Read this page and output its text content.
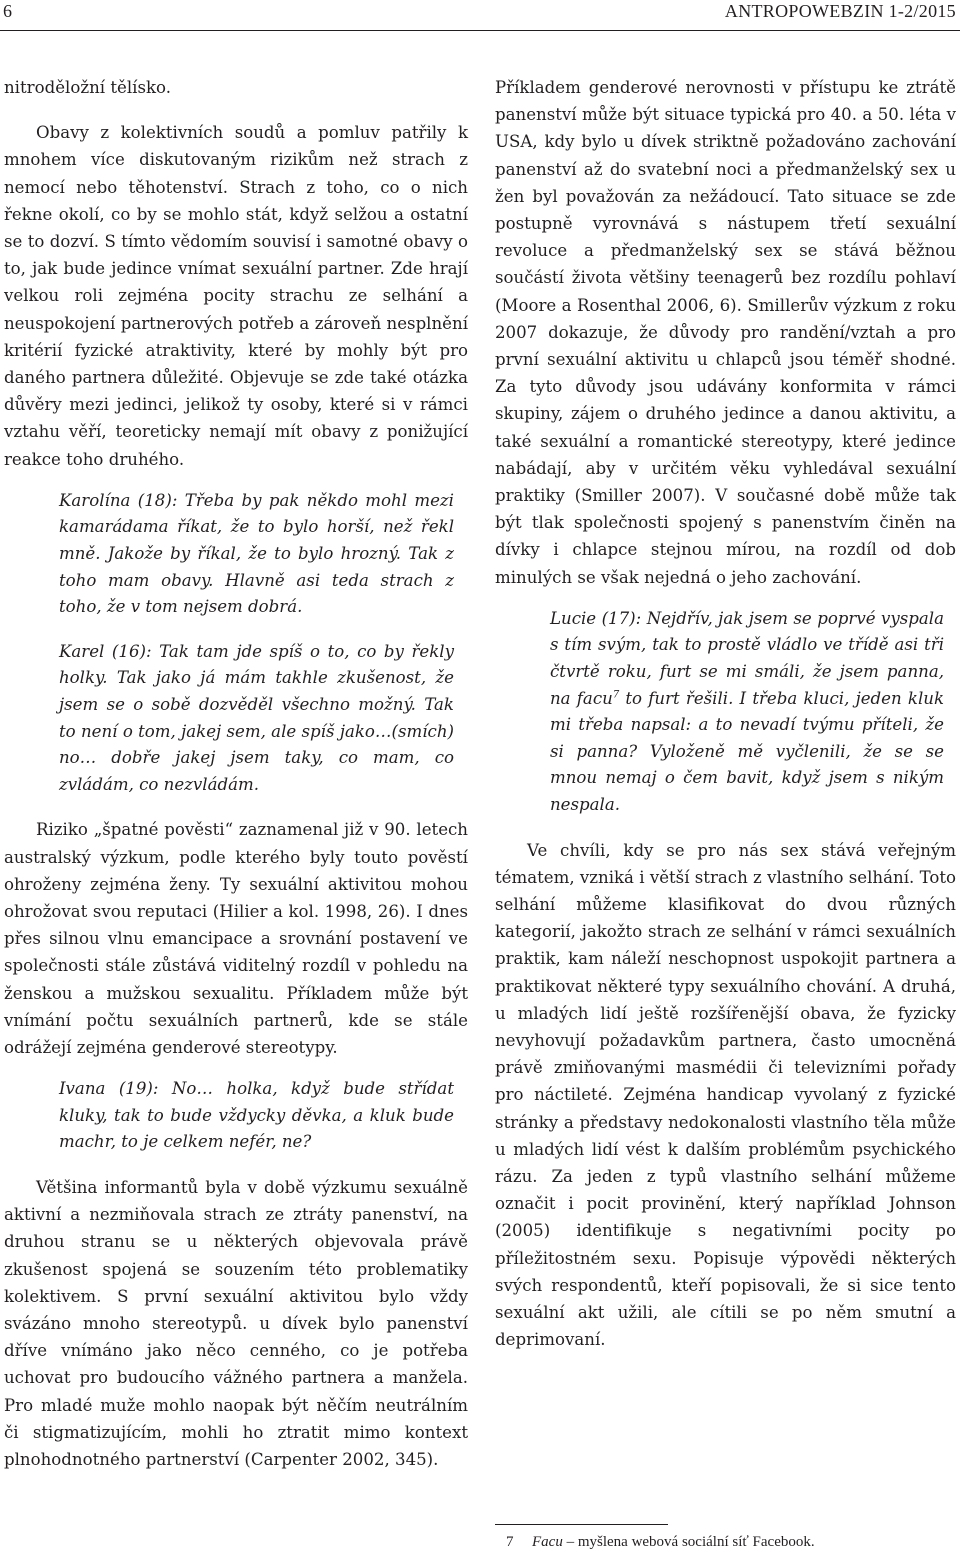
6	ANTROPOWEBZIN 1-2/2015

nitroděložní tělísko.

Obavy z kolektivních soudů a pomluv patřily k mnohem více diskutovaným rizikům než strach z nemocí nebo těhotenství. Strach z toho, co o nich řekne okolí, co by se mohlo stát, když selžou a ostatní se to dozví. S tímto vědomím souvisí i samotné obavy o to, jak bude jedince vnímat sexuální partner. Zde hrají velkou roli zejména pocity strachu ze selhání a neuspokojení partnerových potřeb a zároveň nesplnění kritérií fyzické atraktivity, které by mohly být pro daného partnera důležité. Objevuje se zde také otázka důvěry mezi jedinci, jelikož ty osoby, které si v rámci vztahu věří, teoreticky nemají mít obavy z ponižující reakce toho druhého.

Karolína (18): Třeba by pak někdo mohl mezi kamarádama říkat, že to bylo horší, než řekl mně. Jakože by říkal, že to bylo hrozný. Tak z toho mam obavy. Hlavně asi teda strach z toho, že v tom nejsem dobrá.

Karel (16): Tak tam jde spíš o to, co by řekly holky. Tak jako já mám takhle zkušenost, že jsem se o sobě dozvěděl všechno možný. Tak to není o tom, jakej sem, ale spíš jako…(smích) no… dobře jakej jsem taky, co mam, co zvládám, co nezvládám.

Riziko „špatné pověsti“ zaznamenal již v 90. letech australský výzkum, podle kterého byly touto pověstí ohroženy zejména ženy. Ty sexuální aktivitou mohou ohrožovat svou reputaci (Hilier a kol. 1998, 26). I dnes přes silnou vlnu emancipace a srovnání postavení ve společnosti stále zůstává viditelný rozdíl v pohledu na ženskou a mužskou sexualitu. Příkladem může být vnímání počtu sexuálních partnerů, kde se stále odrážejí zejména genderové stereotypy.

Ivana (19): No… holka, když bude střídat kluky, tak to bude vždycky děvka, a kluk bude machr, to je celkem nefér, ne?

Většina informantů byla v době výzkumu sexuálně aktivní a nezmiňovala strach ze ztráty panenství, na druhou stranu se u některých objevovala právě zkušenost spojená se souzením této problematiky kolektivem. S první sexuální aktivitou bylo vždy svázáno mnoho stereotypů. u dívek bylo panenství dříve vnímáno jako něco cenného, co je potřeba uchovat pro budoucího vážného partnera a manžela. Pro mladé muže mohlo naopak být něčím neutrálním či stigmatizujícím, mohli ho ztratit mimo kontext plnohodnotného partnerství (Carpenter 2002, 345).

Příkladem genderové nerovnosti v přístupu ke ztrátě panenství může být situace typická pro 40. a 50. léta v USA, kdy bylo u dívek striktně požadováno zachování panenství až do svatební noci a předmanželský sex u žen byl považován za nežádoucí. Tato situace se zde postupně vyrovnává s nástupem třetí sexuální revoluce a předmanželský sex se stává běžnou součástí života většiny teenagerů bez rozdílu pohlaví (Moore a Rosenthal 2006, 6). Smillerův výzkum z roku 2007 dokazuje, že důvody pro randění/vztah a pro první sexuální aktivitu u chlapců jsou téměř shodné. Za tyto důvody jsou udávány konformita v rámci skupiny, zájem o druhého jedince a danou aktivitu, a také sexuální a romantické stereotypy, které jedince nabádají, aby v určitém věku vyhledával sexuální praktiky (Smiller 2007). V současné době může tak být tlak společnosti spojený s panenstvím činěn na dívky i chlapce stejnou mírou, na rozdíl od dob minulých se však nejedná o jeho zachování.

Lucie (17): Nejdřív, jak jsem se poprvé vyspala s tím svým, tak to prostě vládlo ve třídě asi tři čtvrtě roku, furt se mi smáli, že jsem panna, na facu$^7$ to furt řešili. I třeba kluci, jeden kluk mi třeba napsal: a to nevadí tvýmu příteli, že si panna? Vyloženě mě vyčlenili, že se se mnou nemaj o čem bavit, když jsem s nikým nespala.

Ve chvíli, kdy se pro nás sex stává veřejným tématem, vzniká i větší strach z vlastního selhání. Toto selhání můžeme klasifikovat do dvou různých kategorií, jakožto strach ze selhání v rámci sexuálních praktik, kam náleží neschopnost uspokojit partnera a praktikovat některé typy sexuálního chování. A druhá, u mladých lidí ještě rozšířenější obava, že fyzicky nevyhovují požadavkům partnera, často umocněná právě zmiňovanými masmédii či televizními pořady pro náctileté. Zejména handicap vyvolaný z fyzické stránky a představy nedokonalosti vlastního těla může u mladých lidí vést k dalším problémům psychického rázu. Za jeden z typů vlastního selhání můžeme označit i pocit provinění, který například Johnson (2005) identifikuje s negativními pocity po příležitostném sexu. Popisuje výpovědi některých svých respondentů, kteří popisovali, že si sice tento sexuální akt užili, ale cítili se po něm smutní a deprimovaní.

7 Facu – myšlena webová sociální síť Facebook.
